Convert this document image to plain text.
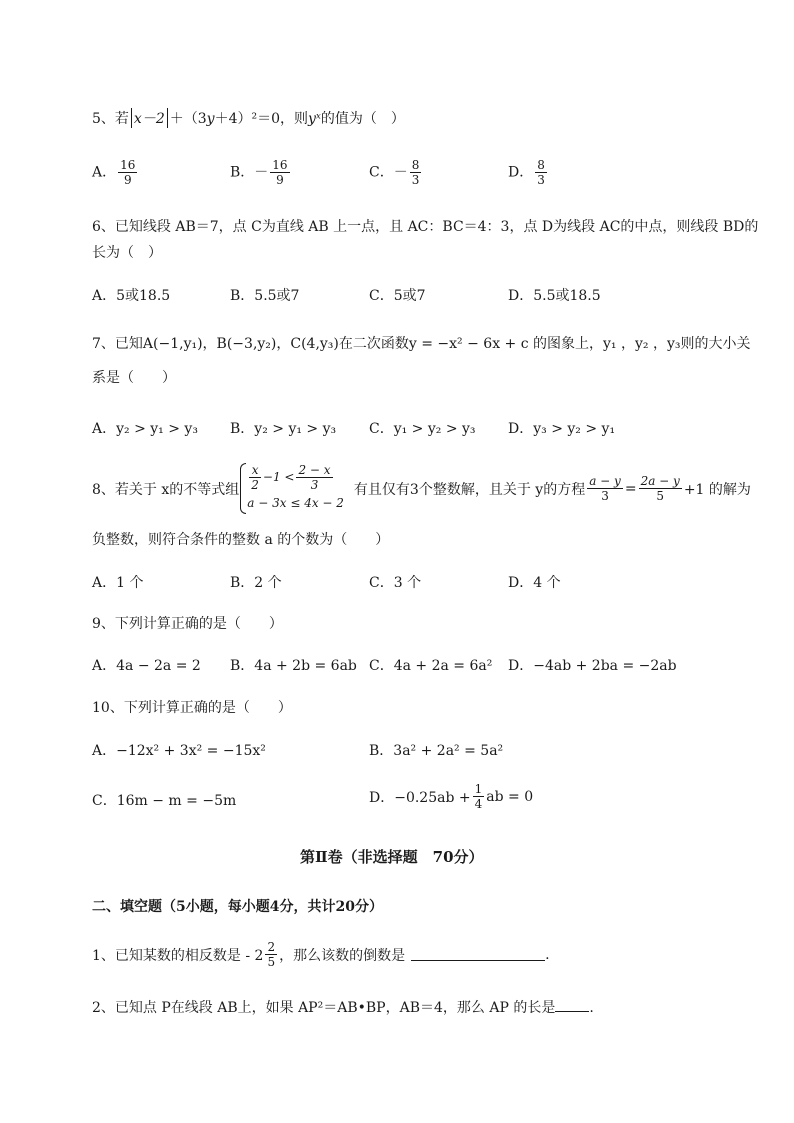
5、若 x－2 ＋（3y＋4）²＝0，则yˣ的值为（　）
A． $\frac{16}{9}$	B．－ $\frac{16}{9}$	C．－ $\frac{8}{3}$	D． $\frac{8}{3}$
6、已知线段 AB＝7，点 C为直线 AB 上一点，且 AC：BC＝4：3，点 D为线段 AC的中点，则线段 BD的
长为（　）
A．5或18.5	B．5.5或7	C．5或7	D．5.5或18.5
7、已知A(−1,y₁)，B(−3,y₂)，C(4,y₃)在二次函数y = −x² − 6x + c 的图象上，y₁ ，y₂ ，y₃则的大小关
系是（　　）
A．y₂ > y₁ > y₃ B．y₂ > y₁ > y₃ C．y₁ > y₂ > y₃ D．y₃ > y₂ > y₁
8、若关于 x的不等式组 $\frac{x}{2} -1 < \frac{2 - x}{3}$
a − 3x ≤ 4x − 2
有且仅有3个整数解，且关于 y的方程 $\frac{a - y}{3} = \frac{2a - y}{5} +1$ 的解为
负整数，则符合条件的整数 a 的个数为（　　）
A．1 个	B．2 个	C．3 个	D．4 个
9、下列计算正确的是（　　）
A．4a − 2a = 2 B．4a + 2b = 6ab C．4a + 2a = 6a² D．−4ab + 2ba = −2ab
10、下列计算正确的是（　　）
A．−12x² + 3x² = −15x²	B．3a² + 2a² = 5a²
C．16m − m = −5m	D．$-0.25ab + \frac{1}{4}$ ab = 0
第Ⅱ卷（非选择题　70分）
二、填空题（5小题，每小题4分，共计20分）
1、已知某数的相反数是 - $2 \frac{2}{5}$ ，那么该数的倒数是	.
2、已知点 P在线段 AB上，如果 AP²＝AB•BP，AB＝4，那么 AP 的长是 .
